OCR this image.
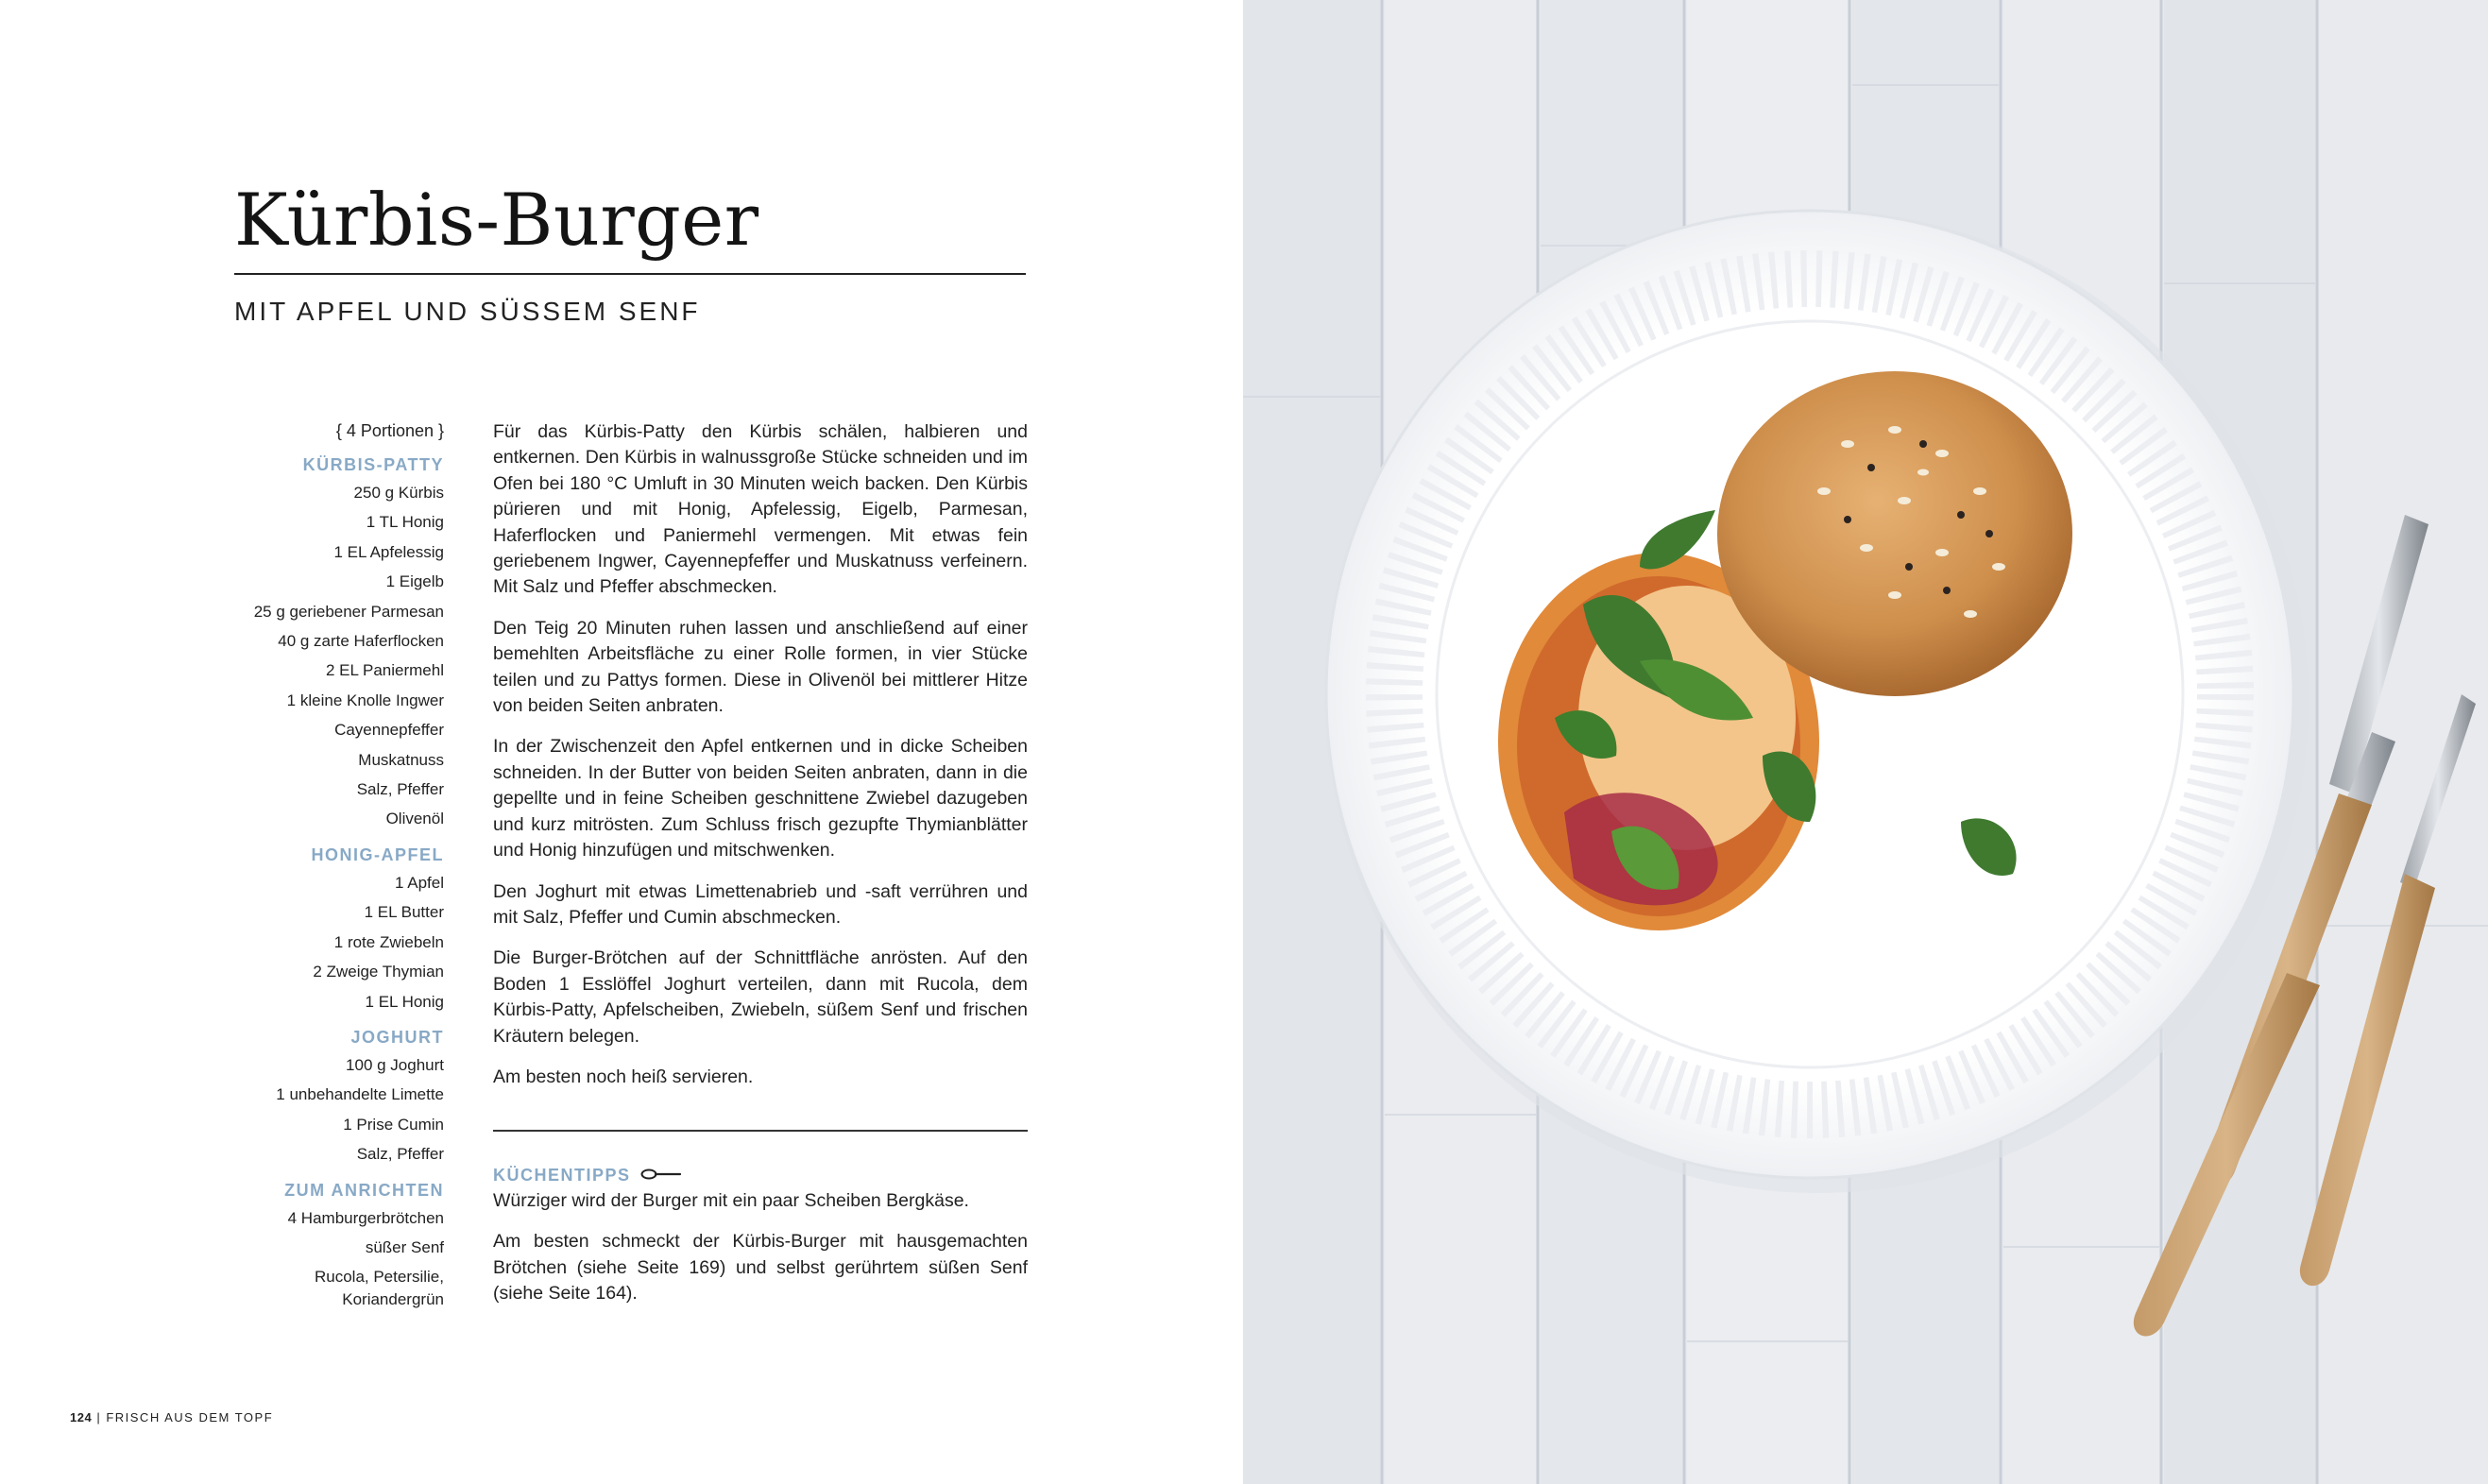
Kürbis-Burger
MIT APFEL UND SÜSSEM SENF
{ 4 Portionen }
KÜRBIS-PATTY
250 g Kürbis
1 TL Honig
1 EL Apfelessig
1 Eigelb
25 g geriebener Parmesan
40 g zarte Haferflocken
2 EL Paniermehl
1 kleine Knolle Ingwer
Cayennepfeffer
Muskatnuss
Salz, Pfeffer
Olivenöl
HONIG-APFEL
1 Apfel
1 EL Butter
1 rote Zwiebeln
2 Zweige Thymian
1 EL Honig
JOGHURT
100 g Joghurt
1 unbehandelte Limette
1 Prise Cumin
Salz, Pfeffer
ZUM ANRICHTEN
4 Hamburgerbrötchen
süßer Senf
Rucola, Petersilie, Koriandergrün

Für das Kürbis-Patty den Kürbis schälen, halbieren und entkernen. Den Kürbis in walnussgroße Stücke schneiden und im Ofen bei 180 °C Umluft in 30 Minuten weich backen. Den Kürbis pürieren und mit Honig, Apfelessig, Eigelb, Parmesan, Haferflocken und Paniermehl vermengen. Mit etwas fein geriebenem Ingwer, Cayennepfeffer und Muskatnuss verfeinern. Mit Salz und Pfeffer abschmecken.

Den Teig 20 Minuten ruhen lassen und anschließend auf einer bemehlten Arbeitsfläche zu einer Rolle formen, in vier Stücke teilen und zu Pattys formen. Diese in Olivenöl bei mittlerer Hitze von beiden Seiten anbraten.

In der Zwischenzeit den Apfel entkernen und in dicke Scheiben schneiden. In der Butter von beiden Seiten anbraten, dann in die gepellte und in feine Scheiben geschnittene Zwiebel dazugeben und kurz mitrösten. Zum Schluss frisch gezupfte Thymianblätter und Honig hinzufügen und mitschwenken.

Den Joghurt mit etwas Limettenabrieb und -saft verrühren und mit Salz, Pfeffer und Cumin abschmecken.

Die Burger-Brötchen auf der Schnittfläche anrösten. Auf den Boden 1 Esslöffel Joghurt verteilen, dann mit Rucola, dem Kürbis-Patty, Apfelscheiben, Zwiebeln, süßem Senf und frischen Kräutern belegen.

Am besten noch heiß servieren.

KÜCHENTIPPS

Würziger wird der Burger mit ein paar Scheiben Bergkäse.

Am besten schmeckt der Kürbis-Burger mit hausgemachten Brötchen (siehe Seite 169) und selbst gerührtem süßen Senf (siehe Seite 164).

124 | FRISCH AUS DEM TOPF
